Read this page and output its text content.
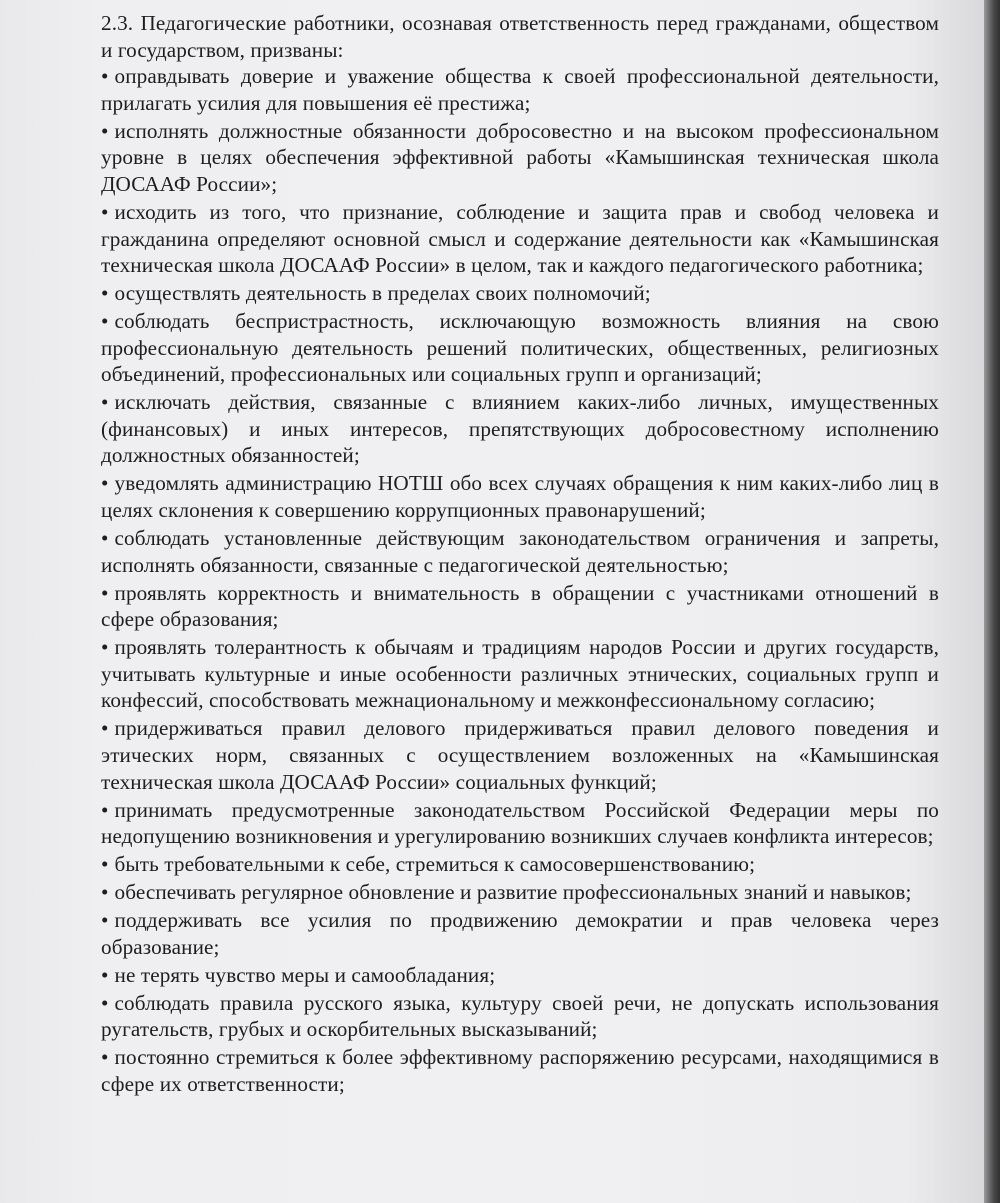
2.3. Педагогические работники, осознавая ответственность перед гражданами, обществом и государством, призваны:

• оправдывать доверие и уважение общества к своей профессиональной деятельности, прилагать усилия для повышения её престижа;

• исполнять должностные обязанности добросовестно и на высоком профессиональном уровне в целях обеспечения эффективной работы «Камышинская техническая школа ДОСААФ России»;

• исходить из того, что признание, соблюдение и защита прав и свобод человека и гражданина определяют основной смысл и содержание деятельности как «Камышинская техническая школа ДОСААФ России» в целом, так и каждого педагогического работника;

• осуществлять деятельность в пределах своих полномочий;

• соблюдать беспристрастность, исключающую возможность влияния на свою профессиональную деятельность решений политических, общественных, религиозных объединений, профессиональных или социальных групп и организаций;

• исключать действия, связанные с влиянием каких-либо личных, имущественных (финансовых) и иных интересов, препятствующих добросовестному исполнению должностных обязанностей;

• уведомлять администрацию НОТШ обо всех случаях обращения к ним каких-либо лиц в целях склонения к совершению коррупционных правонарушений;

• соблюдать установленные действующим законодательством ограничения и запреты, исполнять обязанности, связанные с педагогической деятельностью;

• проявлять корректность и внимательность в обращении с участниками отношений в сфере образования;

• проявлять толерантность к обычаям и традициям народов России и других государств, учитывать культурные и иные особенности различных этнических, социальных групп и конфессий, способствовать межнациональному и межконфессиональному согласию;

• придерживаться правил делового придерживаться правил делового поведения и этических норм, связанных с осуществлением возложенных на «Камышинская техническая школа ДОСААФ России» социальных функций;

• принимать предусмотренные законодательством Российской Федерации меры по недопущению возникновения и урегулированию возникших случаев конфликта интересов;

• быть требовательными к себе, стремиться к самосовершенствованию;

• обеспечивать регулярное обновление и развитие профессиональных знаний и навыков;

• поддерживать все усилия по продвижению демократии и прав человека через образование;

• не терять чувство меры и самообладания;

• соблюдать правила русского языка, культуру своей речи, не допускать использования ругательств, грубых и оскорбительных высказываний;

• постоянно стремиться к более эффективному распоряжению ресурсами, находящимися в сфере их ответственности;
